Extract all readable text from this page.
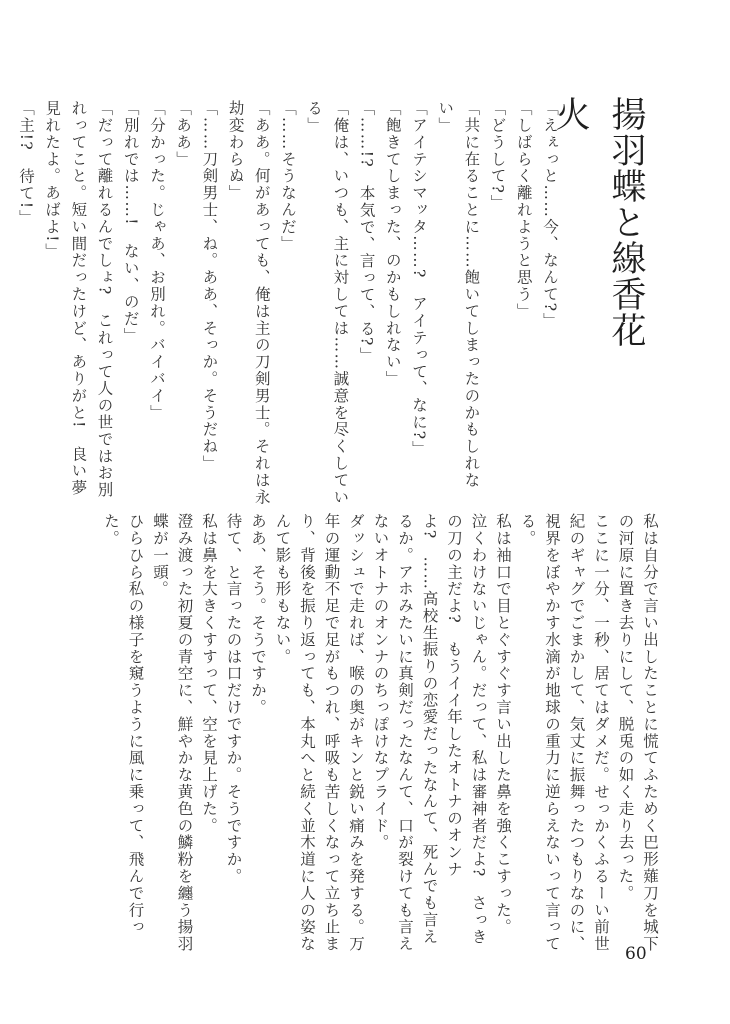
揚羽蝶と線香花火

「えぇっと……今、なんて?」

「しばらく離れようと思う」

「どうして?」

「共に在ることに……飽いてしまったのかもしれない」

「アイテシマッタ……?　アイテって、なに?」

「飽きてしまった、のかもしれない」

「……!?　本気で、言って、る?」

「俺は、いつも、主に対しては……誠意を尽くしている」

「……そうなんだ」

「ああ。何があっても、俺は主の刀剣男士。それは永劫変わらぬ」

「……刀剣男士、ね。ああ、そっか。そうだね」

「ああ」

「分かった。じゃあ、お別れ。バイバイ」

「別れでは……!　ない、のだ」

「だって離れるんでしょ?　これって人の世ではお別れってこと。短い間だったけど、ありがと!　良い夢見れたよ。あばよ!」

「主!?　待て!」

私は自分で言い出したことに慌てふためく巴形薙刀を城下の河原に置き去りにして、脱兎の如く走り去った。

ここに一分、一秒、居てはダメだ。せっかくふるーい前世紀のギャグでごまかして、気丈に振舞ったつもりなのに、視界をぼやかす水滴が地球の重力に逆らえないって言ってる。

私は袖口で目とぐすぐす言い出した鼻を強くこすった。

泣くわけないじゃん。だって、私は審神者だよ?　さっきの刀の主だよ?　もうイイ年したオトナのオンナよ?　……高校生振りの恋愛だったなんて、死んでも言えるか。アホみたいに真剣だったなんて、口が裂けても言えないオトナのオンナのちっぽけなプライド。

ダッシュで走れば、喉の奥がキンと鋭い痛みを発する。万年の運動不足で足がもつれ、呼吸も苦しくなって立ち止まり、背後を振り返っても、本丸へと続く並木道に人の姿なんて影も形もない。

ああ、そう。そうですか。

待て、と言ったのは口だけですか。そうですか。

私は鼻を大きくすすって、空を見上げた。

澄み渡った初夏の青空に、鮮やかな黄色の鱗粉を纏う揚羽蝶が一頭。

ひらひら私の様子を窺うように風に乗って、飛んで行った。

60
